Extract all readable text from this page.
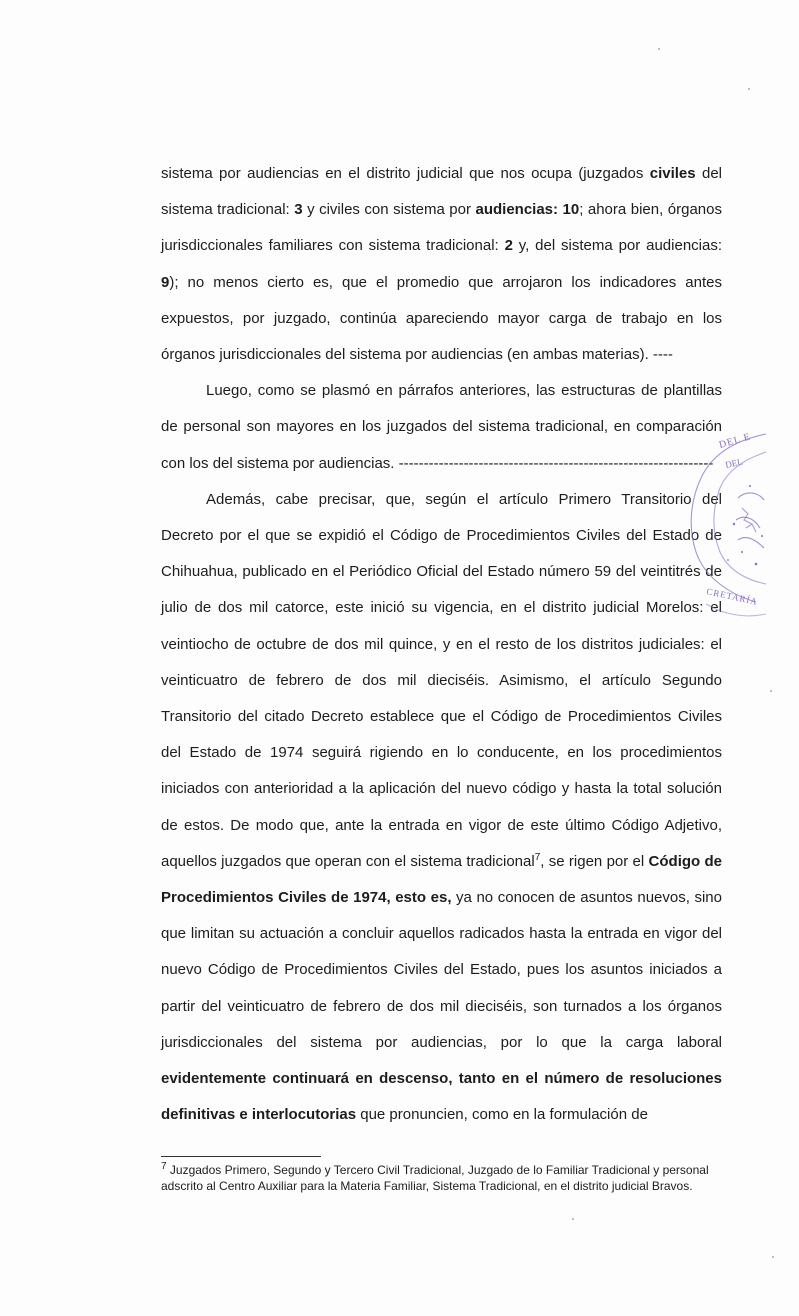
sistema por audiencias en el distrito judicial que nos ocupa (juzgados civiles del sistema tradicional: 3 y civiles con sistema por audiencias: 10; ahora bien, órganos jurisdiccionales familiares con sistema tradicional: 2 y, del sistema por audiencias: 9); no menos cierto es, que el promedio que arrojaron los indicadores antes expuestos, por juzgado, continúa apareciendo mayor carga de trabajo en los órganos jurisdiccionales del sistema por audiencias (en ambas materias). ----

Luego, como se plasmó en párrafos anteriores, las estructuras de plantillas de personal son mayores en los juzgados del sistema tradicional, en comparación con los del sistema por audiencias. ---------------------------------------------------------------

Además, cabe precisar, que, según el artículo Primero Transitorio del Decreto por el que se expidió el Código de Procedimientos Civiles del Estado de Chihuahua, publicado en el Periódico Oficial del Estado número 59 del veintitrés de julio de dos mil catorce, este inició su vigencia, en el distrito judicial Morelos: el veintiocho de octubre de dos mil quince, y en el resto de los distritos judiciales: el veinticuatro de febrero de dos mil dieciséis. Asimismo, el artículo Segundo Transitorio del citado Decreto establece que el Código de Procedimientos Civiles del Estado de 1974 seguirá rigiendo en lo conducente, en los procedimientos iniciados con anterioridad a la aplicación del nuevo código y hasta la total solución de estos. De modo que, ante la entrada en vigor de este último Código Adjetivo, aquellos juzgados que operan con el sistema tradicional$^7$, se rigen por el Código de Procedimientos Civiles de 1974, esto es, ya no conocen de asuntos nuevos, sino que limitan su actuación a concluir aquellos radicados hasta la entrada en vigor del nuevo Código de Procedimientos Civiles del Estado, pues los asuntos iniciados a partir del veinticuatro de febrero de dos mil dieciséis, son turnados a los órganos jurisdiccionales del sistema por audiencias, por lo que la carga laboral evidentemente continuará en descenso, tanto en el número de resoluciones definitivas e interlocutorias que pronuncien, como en la formulación de

$^7$ Juzgados Primero, Segundo y Tercero Civil Tradicional, Juzgado de lo Familiar Tradicional y personal adscrito al Centro Auxiliar para la Materia Familiar, Sistema Tradicional, en el distrito judicial Bravos.

DEL E
DEL
CRETARÍA
